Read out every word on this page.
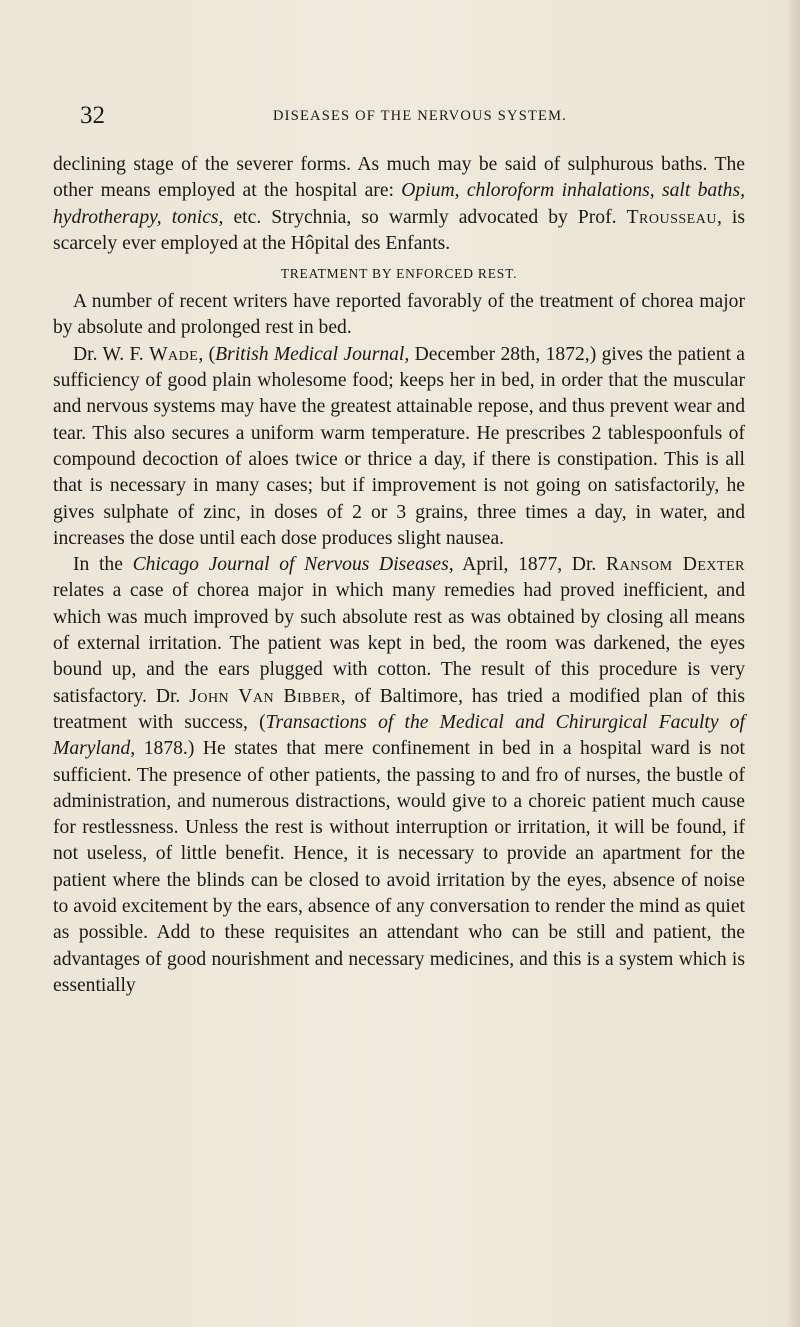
32	DISEASES OF THE NERVOUS SYSTEM.

declining stage of the severer forms. As much may be said of sulphurous baths. The other means employed at the hospital are: Opium, chloroform inhalations, salt baths, hydrotherapy, tonics, etc. Strychnia, so warmly advocated by Prof. Trousseau, is scarcely ever employed at the Hôpital des Enfants.

TREATMENT BY ENFORCED REST.

A number of recent writers have reported favorably of the treatment of chorea major by absolute and prolonged rest in bed.

Dr. W. F. Wade, (British Medical Journal, December 28th, 1872,) gives the patient a sufficiency of good plain wholesome food; keeps her in bed, in order that the muscular and nervous systems may have the greatest attainable repose, and thus prevent wear and tear. This also secures a uniform warm temperature. He prescribes 2 tablespoonfuls of compound decoction of aloes twice or thrice a day, if there is constipation. This is all that is necessary in many cases; but if improvement is not going on satisfactorily, he gives sulphate of zinc, in doses of 2 or 3 grains, three times a day, in water, and increases the dose until each dose produces slight nausea.

In the Chicago Journal of Nervous Diseases, April, 1877, Dr. Ransom Dexter relates a case of chorea major in which many remedies had proved inefficient, and which was much improved by such absolute rest as was obtained by closing all means of external irritation. The patient was kept in bed, the room was darkened, the eyes bound up, and the ears plugged with cotton. The result of this procedure is very satisfactory. Dr. John Van Bibber, of Baltimore, has tried a modified plan of this treatment with success, (Transactions of the Medical and Chirurgical Faculty of Maryland, 1878.) He states that mere confinement in bed in a hospital ward is not sufficient. The presence of other patients, the passing to and fro of nurses, the bustle of administration, and numerous distractions, would give to a choreic patient much cause for restlessness. Unless the rest is without interruption or irritation, it will be found, if not useless, of little benefit. Hence, it is necessary to provide an apartment for the patient where the blinds can be closed to avoid irritation by the eyes, absence of noise to avoid excitement by the ears, absence of any conversation to render the mind as quiet as possible. Add to these requisites an attendant who can be still and patient, the advantages of good nourishment and necessary medicines, and this is a system which is essentially
